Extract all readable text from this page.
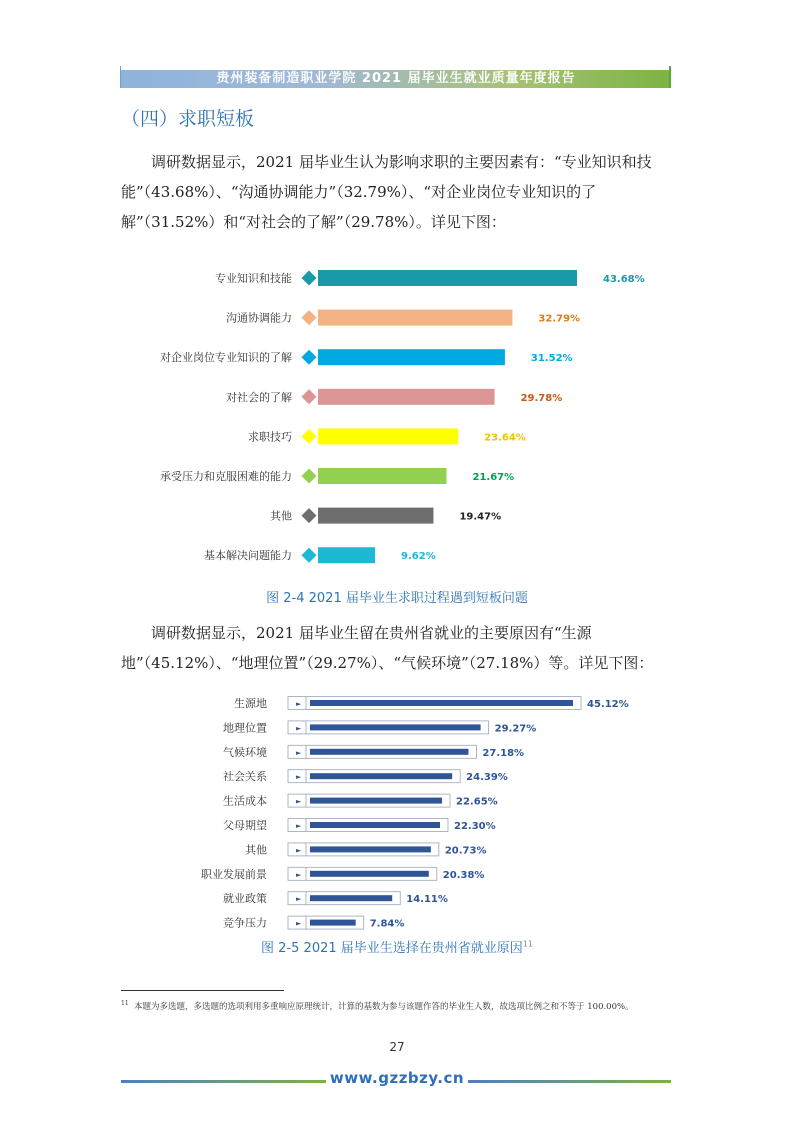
贵州装备制造职业学院 2021 届毕业生就业质量年度报告
（四）求职短板
调研数据显示，2021 届毕业生认为影响求职的主要因素有：“专业知识和技能”（43.68%）、“沟通协调能力”（32.79%）、“对企业岗位专业知识的了解”（31.52%）和“对社会的了解”（29.78%）。详见下图：
专业知识和技能	43.68%
沟通协调能力	32.79%
对企业岗位专业知识的了解	31.52%
对社会的了解	29.78%
求职技巧	23.64%
承受压力和克服困难的能力	21.67%
其他	19.47%
基本解决问题能力	9.62%
图 2-4 2021 届毕业生求职过程遇到短板问题
调研数据显示，2021 届毕业生留在贵州省就业的主要原因有“生源地”（45.12%）、“地理位置”（29.27%）、“气候环境”（27.18%）等。详见下图：
生源地	►	45.12%
地理位置	►	29.27%
气候环境	►	27.18%
社会关系	►	24.39%
生活成本	►	22.65%
父母期望	►	22.30%
其他	►	20.73%
职业发展前景	►	20.38%
就业政策	►	14.11%
竞争压力	►	7.84%
图 2-5 2021 届毕业生选择在贵州省就业原因$^{11}$
$^{11}$ 本题为多选题，多选题的选项利用多重响应原理统计，计算的基数为参与该题作答的毕业生人数，故选项比例之和不等于 100.00%。
27
www.gzzbzy.cn
